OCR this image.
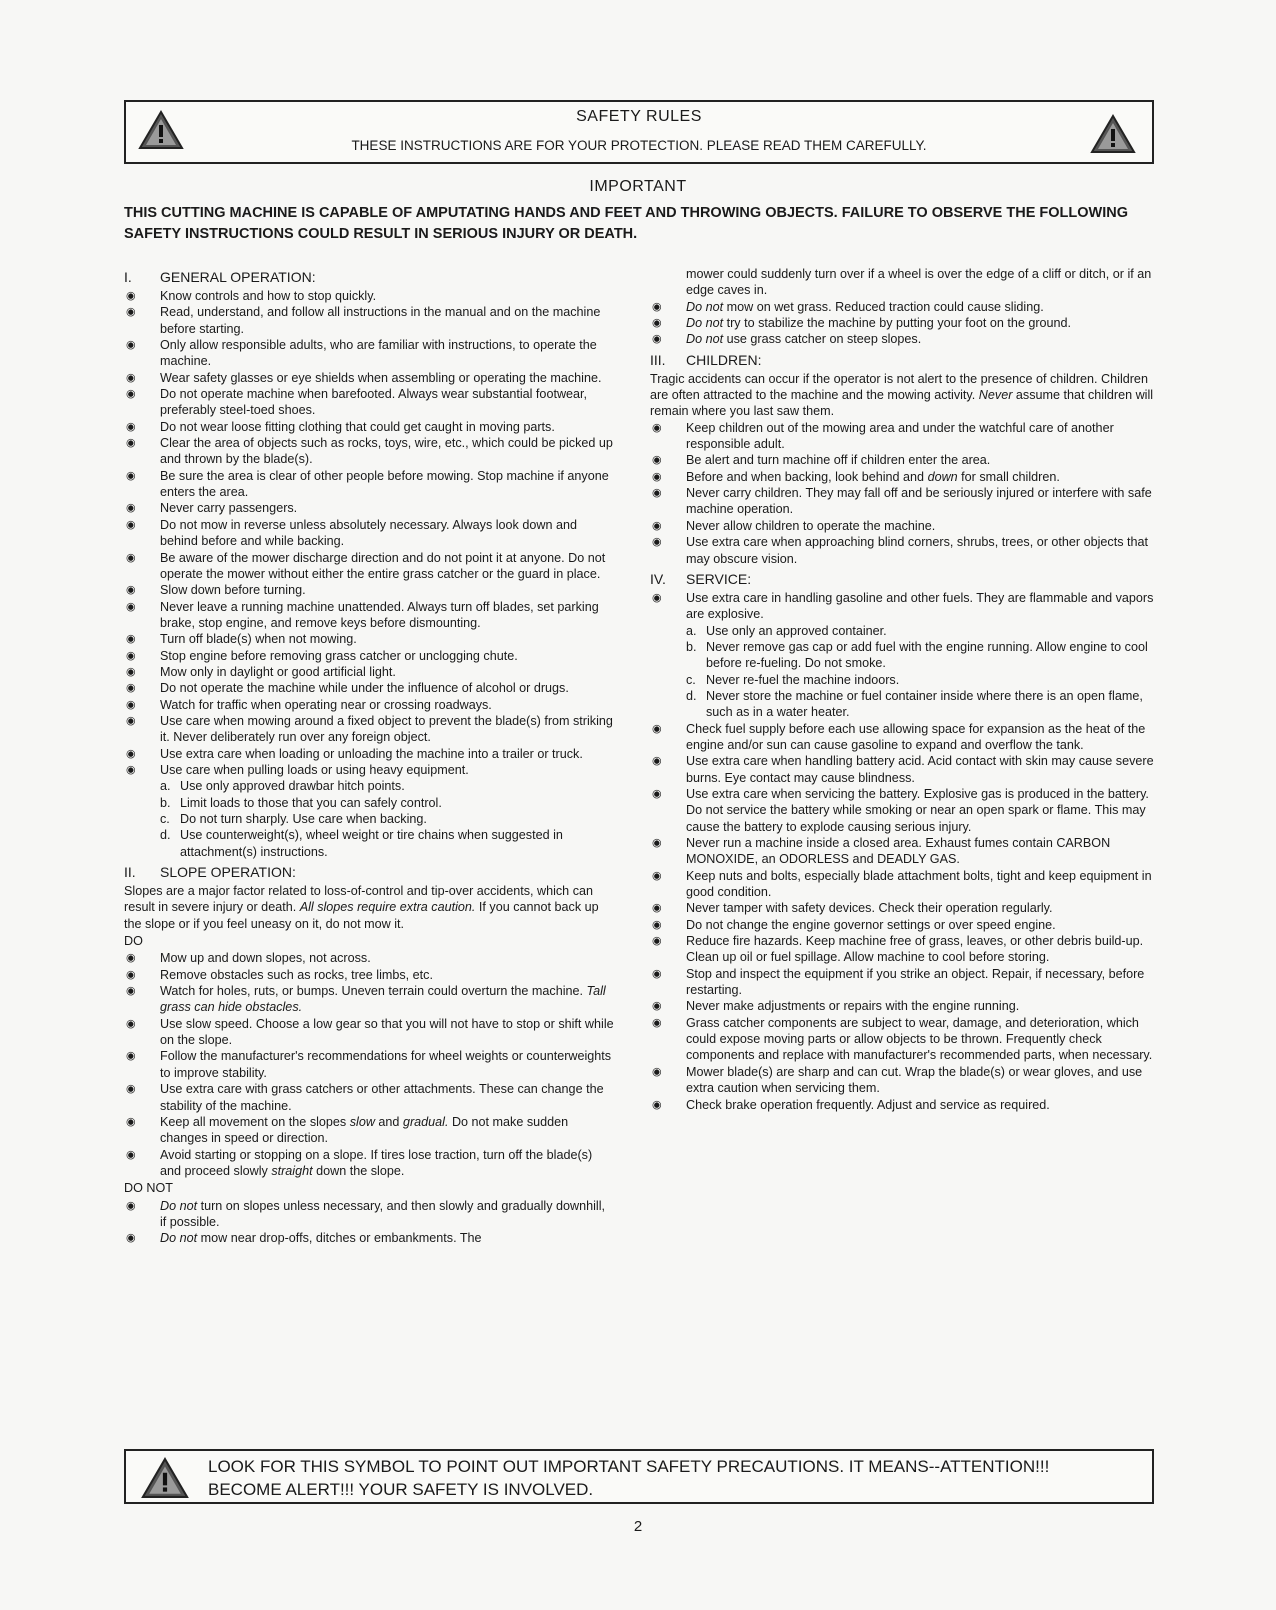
SAFETY RULES
THESE INSTRUCTIONS ARE FOR YOUR PROTECTION. PLEASE READ THEM CAREFULLY.
IMPORTANT
THIS CUTTING MACHINE IS CAPABLE OF AMPUTATING HANDS AND FEET AND THROWING OBJECTS. FAILURE TO OBSERVE THE FOLLOWING SAFETY INSTRUCTIONS COULD RESULT IN SERIOUS INJURY OR DEATH.
I.	GENERAL OPERATION:
◉	Know controls and how to stop quickly.
◉	Read, understand, and follow all instructions in the manual and on the machine before starting.
◉	Only allow responsible adults, who are familiar with instructions, to operate the machine.
◉	Wear safety glasses or eye shields when assembling or operating the machine.
◉	Do not operate machine when barefooted. Always wear substantial footwear, preferably steel-toed shoes.
◉	Do not wear loose fitting clothing that could get caught in moving parts.
◉	Clear the area of objects such as rocks, toys, wire, etc., which could be picked up and thrown by the blade(s).
◉	Be sure the area is clear of other people before mowing. Stop machine if anyone enters the area.
◉	Never carry passengers.
◉	Do not mow in reverse unless absolutely necessary. Always look down and behind before and while backing.
◉	Be aware of the mower discharge direction and do not point it at anyone. Do not operate the mower without either the entire grass catcher or the guard in place.
◉	Slow down before turning.
◉	Never leave a running machine unattended. Always turn off blades, set parking brake, stop engine, and remove keys before dismounting.
◉	Turn off blade(s) when not mowing.
◉	Stop engine before removing grass catcher or unclogging chute.
◉	Mow only in daylight or good artificial light.
◉	Do not operate the machine while under the influence of alcohol or drugs.
◉	Watch for traffic when operating near or crossing roadways.
◉	Use care when mowing around a fixed object to prevent the blade(s) from striking it. Never deliberately run over any foreign object.
◉	Use extra care when loading or unloading the machine into a trailer or truck.
◉	Use care when pulling loads or using heavy equipment.
a. Use only approved drawbar hitch points.
b. Limit loads to those that you can safely control.
c. Do not turn sharply. Use care when backing.
d. Use counterweight(s), wheel weight or tire chains when suggested in attachment(s) instructions.
II.	SLOPE OPERATION:

Slopes are a major factor related to loss-of-control and tip-over accidents, which can result in severe injury or death. All slopes require extra caution. If you cannot back up the slope or if you feel uneasy on it, do not mow it.

DO
◉	Mow up and down slopes, not across.
◉	Remove obstacles such as rocks, tree limbs, etc.
◉	Watch for holes, ruts, or bumps. Uneven terrain could overturn the machine. Tall grass can hide obstacles.
◉	Use slow speed. Choose a low gear so that you will not have to stop or shift while on the slope.
◉	Follow the manufacturer's recommendations for wheel weights or counterweights to improve stability.
◉	Use extra care with grass catchers or other attachments. These can change the stability of the machine.
◉	Keep all movement on the slopes slow and gradual. Do not make sudden changes in speed or direction.
◉	Avoid starting or stopping on a slope. If tires lose traction, turn off the blade(s) and proceed slowly straight down the slope.
DO NOT
◉	Do not turn on slopes unless necessary, and then slowly and gradually downhill, if possible.
◉	Do not mow near drop-offs, ditches or embankments. The
mower could suddenly turn over if a wheel is over the edge of a cliff or ditch, or if an edge caves in.
◉	Do not mow on wet grass. Reduced traction could cause sliding.
◉	Do not try to stabilize the machine by putting your foot on the ground.
◉	Do not use grass catcher on steep slopes.
III.	CHILDREN:

Tragic accidents can occur if the operator is not alert to the presence of children. Children are often attracted to the machine and the mowing activity. Never assume that children will remain where you last saw them.

◉	Keep children out of the mowing area and under the watchful care of another responsible adult.
◉	Be alert and turn machine off if children enter the area.
◉	Before and when backing, look behind and down for small children.
◉	Never carry children. They may fall off and be seriously injured or interfere with safe machine operation.
◉	Never allow children to operate the machine.
◉	Use extra care when approaching blind corners, shrubs, trees, or other objects that may obscure vision.
IV.	SERVICE:
◉	Use extra care in handling gasoline and other fuels. They are flammable and vapors are explosive.
a. Use only an approved container.
b. Never remove gas cap or add fuel with the engine running. Allow engine to cool before re-fueling. Do not smoke.
c. Never re-fuel the machine indoors.
d. Never store the machine or fuel container inside where there is an open flame, such as in a water heater.
◉	Check fuel supply before each use allowing space for expansion as the heat of the engine and/or sun can cause gasoline to expand and overflow the tank.
◉	Use extra care when handling battery acid. Acid contact with skin may cause severe burns. Eye contact may cause blindness.
◉	Use extra care when servicing the battery. Explosive gas is produced in the battery. Do not service the battery while smoking or near an open spark or flame. This may cause the battery to explode causing serious injury.
◉	Never run a machine inside a closed area. Exhaust fumes contain CARBON MONOXIDE, an ODORLESS and DEADLY GAS.
◉	Keep nuts and bolts, especially blade attachment bolts, tight and keep equipment in good condition.
◉	Never tamper with safety devices. Check their operation regularly.
◉	Do not change the engine governor settings or over speed engine.
◉	Reduce fire hazards. Keep machine free of grass, leaves, or other debris build-up. Clean up oil or fuel spillage. Allow machine to cool before storing.
◉	Stop and inspect the equipment if you strike an object. Repair, if necessary, before restarting.
◉	Never make adjustments or repairs with the engine running.
◉	Grass catcher components are subject to wear, damage, and deterioration, which could expose moving parts or allow objects to be thrown. Frequently check components and replace with manufacturer's recommended parts, when necessary.
◉	Mower blade(s) are sharp and can cut. Wrap the blade(s) or wear gloves, and use extra caution when servicing them.
◉	Check brake operation frequently. Adjust and service as required.
LOOK FOR THIS SYMBOL TO POINT OUT IMPORTANT SAFETY PRECAUTIONS. IT MEANS--ATTENTION!!!
BECOME ALERT!!! YOUR SAFETY IS INVOLVED.
2
